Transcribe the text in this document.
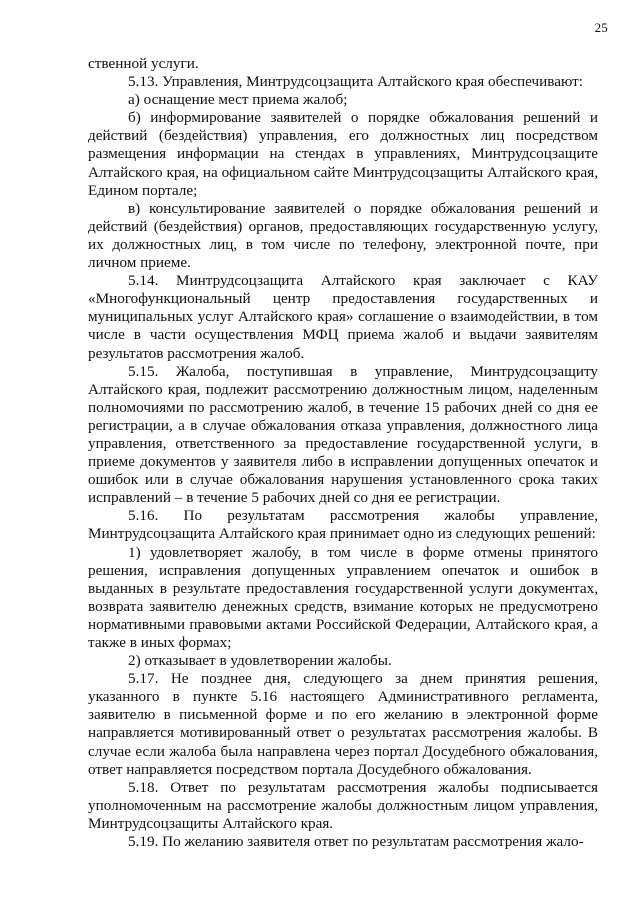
25

ственной услуги.

5.13. Управления, Минтрудсоцзащита Алтайского края обеспечивают:

а) оснащение мест приема жалоб;

б) информирование заявителей о порядке обжалования решений и действий (бездействия) управления, его должностных лиц посредством размещения информации на стендах в управлениях, Минтрудсоцзащите Алтайского края, на официальном сайте Минтрудсоцзащиты Алтайского края, Едином портале;

в) консультирование заявителей о порядке обжалования решений и действий (бездействия) органов, предоставляющих государственную услугу, их должностных лиц, в том числе по телефону, электронной почте, при личном приеме.

5.14. Минтрудсоцзащита Алтайского края заключает с КАУ «Многофункциональный центр предоставления государственных и муниципальных услуг Алтайского края» соглашение о взаимодействии, в том числе в части осуществления МФЦ приема жалоб и выдачи заявителям результатов рассмотрения жалоб.

5.15. Жалоба, поступившая в управление, Минтрудсоцзащиту Алтайского края, подлежит рассмотрению должностным лицом, наделенным полномочиями по рассмотрению жалоб, в течение 15 рабочих дней со дня ее регистрации, а в случае обжалования отказа управления, должностного лица управления, ответственного за предоставление государственной услуги, в приеме документов у заявителя либо в исправлении допущенных опечаток и ошибок или в случае обжалования нарушения установленного срока таких исправлений – в течение 5 рабочих дней со дня ее регистрации.

5.16. По результатам рассмотрения жалобы управление, Минтрудсоцзащита Алтайского края принимает одно из следующих решений:

1) удовлетворяет жалобу, в том числе в форме отмены принятого решения, исправления допущенных управлением опечаток и ошибок в выданных в результате предоставления государственной услуги документах, возврата заявителю денежных средств, взимание которых не предусмотрено нормативными правовыми актами Российской Федерации, Алтайского края, а также в иных формах;

2) отказывает в удовлетворении жалобы.

5.17. Не позднее дня, следующего за днем принятия решения, указанного в пункте 5.16 настоящего Административного регламента, заявителю в письменной форме и по его желанию в электронной форме направляется мотивированный ответ о результатах рассмотрения жалобы. В случае если жалоба была направлена через портал Досудебного обжалования, ответ направляется посредством портала Досудебного обжалования.

5.18. Ответ по результатам рассмотрения жалобы подписывается уполномоченным на рассмотрение жалобы должностным лицом управления, Минтрудсоцзащиты Алтайского края.

5.19. По желанию заявителя ответ по результатам рассмотрения жало-
